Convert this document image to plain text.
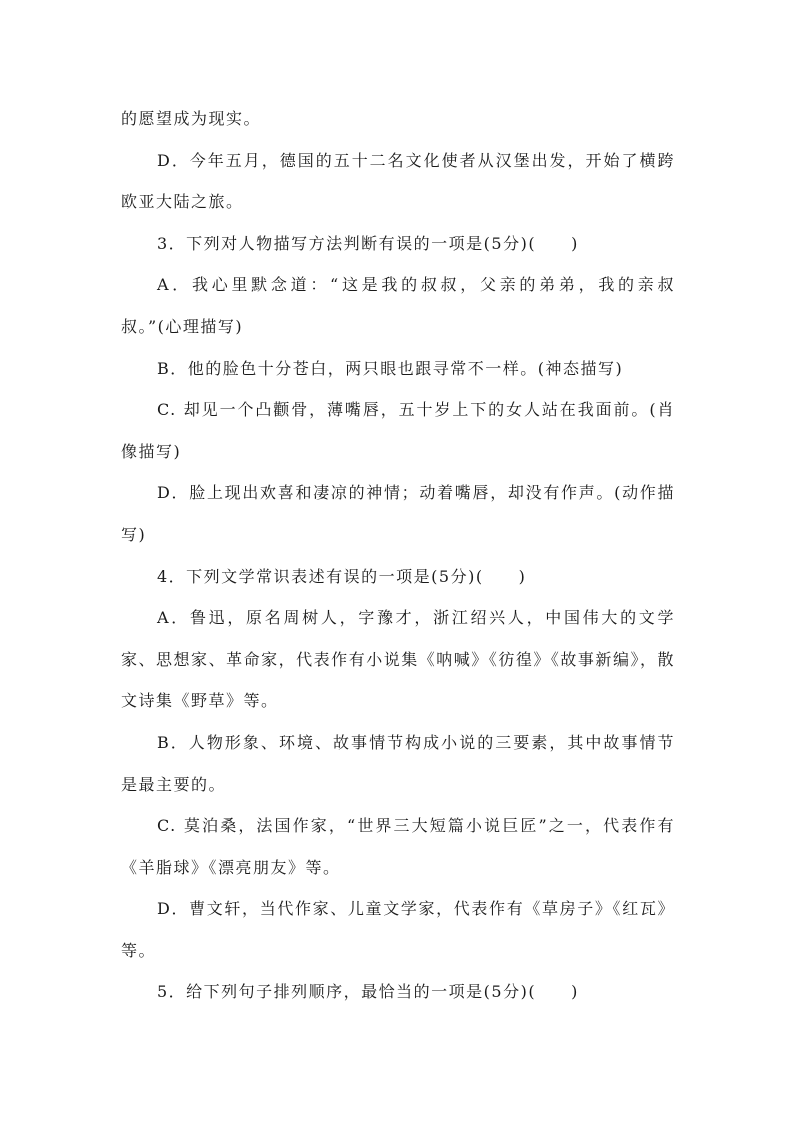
的愿望成为现实。

D．今年五月，德国的五十二名文化使者从汉堡出发，开始了横跨欧亚大陆之旅。

3．下列对人物描写方法判断有误的一项是(5分)(　　)

A．我心里默念道：“这是我的叔叔，父亲的弟弟，我的亲叔叔。”(心理描写)

B．他的脸色十分苍白，两只眼也跟寻常不一样。(神态描写)

C. 却见一个凸颧骨，薄嘴唇，五十岁上下的女人站在我面前。(肖像描写)

D．脸上现出欢喜和凄凉的神情；动着嘴唇，却没有作声。(动作描写)

4．下列文学常识表述有误的一项是(5分)(　　)

A．鲁迅，原名周树人，字豫才，浙江绍兴人，中国伟大的文学家、思想家、革命家，代表作有小说集《呐喊》《彷徨》《故事新编》，散文诗集《野草》等。

B．人物形象、环境、故事情节构成小说的三要素，其中故事情节是最主要的。

C. 莫泊桑，法国作家，“世界三大短篇小说巨匠”之一，代表作有《羊脂球》《漂亮朋友》等。

D．曹文轩，当代作家、儿童文学家，代表作有《草房子》《红瓦》等。

5．给下列句子排列顺序，最恰当的一项是(5分)(　　)
